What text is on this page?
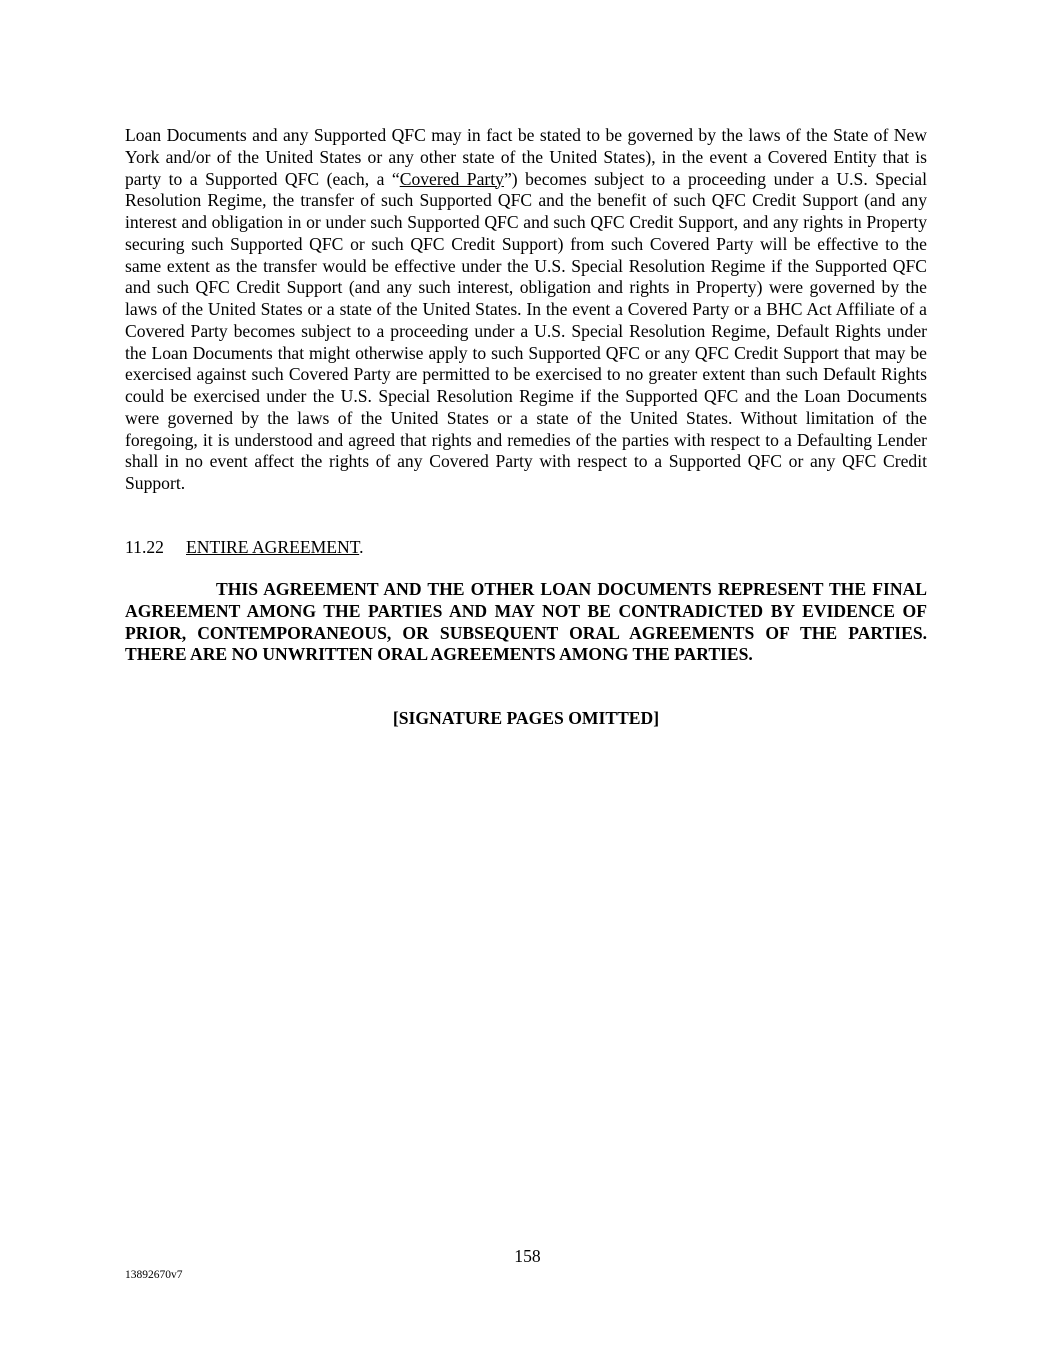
Loan Documents and any Supported QFC may in fact be stated to be governed by the laws of the State of New York and/or of the United States or any other state of the United States), in the event a Covered Entity that is party to a Supported QFC (each, a “Covered Party”) becomes subject to a proceeding under a U.S. Special Resolution Regime, the transfer of such Supported QFC and the benefit of such QFC Credit Support (and any interest and obligation in or under such Supported QFC and such QFC Credit Support, and any rights in Property securing such Supported QFC or such QFC Credit Support) from such Covered Party will be effective to the same extent as the transfer would be effective under the U.S. Special Resolution Regime if the Supported QFC and such QFC Credit Support (and any such interest, obligation and rights in Property) were governed by the laws of the United States or a state of the United States. In the event a Covered Party or a BHC Act Affiliate of a Covered Party becomes subject to a proceeding under a U.S. Special Resolution Regime, Default Rights under the Loan Documents that might otherwise apply to such Supported QFC or any QFC Credit Support that may be exercised against such Covered Party are permitted to be exercised to no greater extent than such Default Rights could be exercised under the U.S. Special Resolution Regime if the Supported QFC and the Loan Documents were governed by the laws of the United States or a state of the United States. Without limitation of the foregoing, it is understood and agreed that rights and remedies of the parties with respect to a Defaulting Lender shall in no event affect the rights of any Covered Party with respect to a Supported QFC or any QFC Credit Support.

11.22 ENTIRE AGREEMENT.

THIS AGREEMENT AND THE OTHER LOAN DOCUMENTS REPRESENT THE FINAL AGREEMENT AMONG THE PARTIES AND MAY NOT BE CONTRADICTED BY EVIDENCE OF PRIOR, CONTEMPORANEOUS, OR SUBSEQUENT ORAL AGREEMENTS OF THE PARTIES. THERE ARE NO UNWRITTEN ORAL AGREEMENTS AMONG THE PARTIES.

[SIGNATURE PAGES OMITTED]

158

13892670v7
